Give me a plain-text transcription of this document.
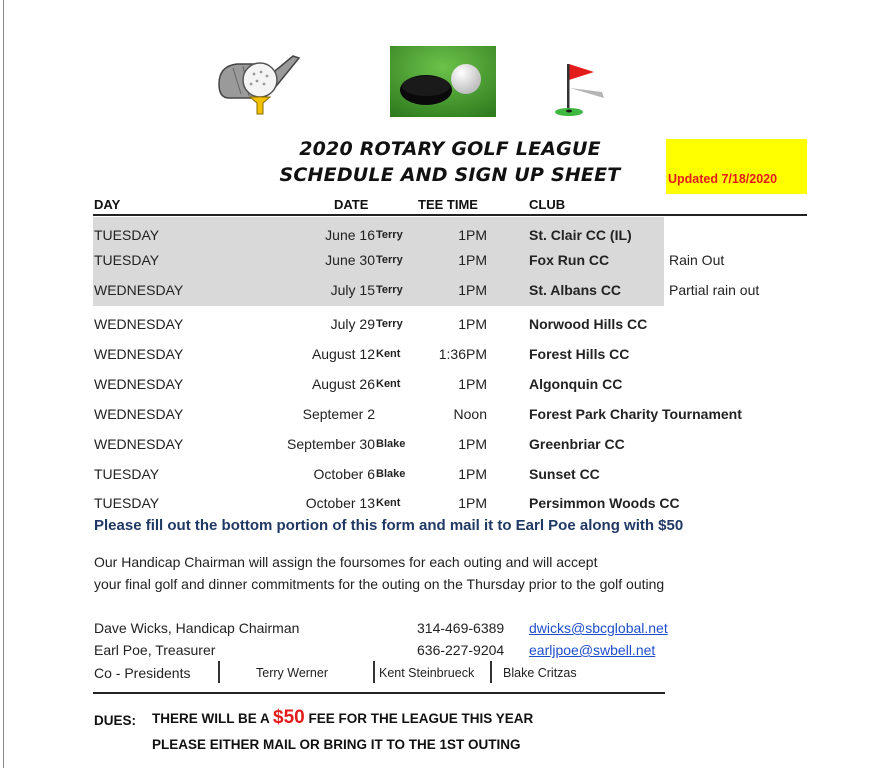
2020 ROTARY GOLF LEAGUE
SCHEDULE AND SIGN UP SHEET	Updated 7/18/2020
DAY	DATE	TEE TIME	CLUB
TUESDAY	June 16 Terry	1PM	St. Clair CC (IL)
TUESDAY	June 30 Terry	1PM	Fox Run CC	Rain Out
WEDNESDAY	July 15 Terry	1PM	St. Albans CC	Partial rain out
WEDNESDAY	July 29 Terry	1PM	Norwood Hills CC
WEDNESDAY	August 12 Kent	1:36PM	Forest Hills CC
WEDNESDAY	August 26 Kent	1PM	Algonquin CC
WEDNESDAY	Septemer 2	Noon	Forest Park Charity Tournament
WEDNESDAY	September 30 Blake	1PM	Greenbriar CC
TUESDAY	October 6 Blake	1PM	Sunset CC
TUESDAY	October 13 Kent	1PM	Persimmon Woods CC
Please fill out the bottom portion of this form and mail it to Earl Poe along with $50
Our Handicap Chairman will assign the foursomes for each outing and will accept
your final golf and dinner commitments for the outing on the Thursday prior to the golf outing
Dave Wicks, Handicap Chairman	314-469-6389 dwicks@sbcglobal.net
Earl Poe, Treasurer	636-227-9204 earljpoe@swbell.net
Co - Presidents	Terry Werner	Kent Steinbrueck Blake Critzas
DUES: THERE WILL BE A $50 FEE FOR THE LEAGUE THIS YEAR
PLEASE EITHER MAIL OR BRING IT TO THE 1ST OUTING
